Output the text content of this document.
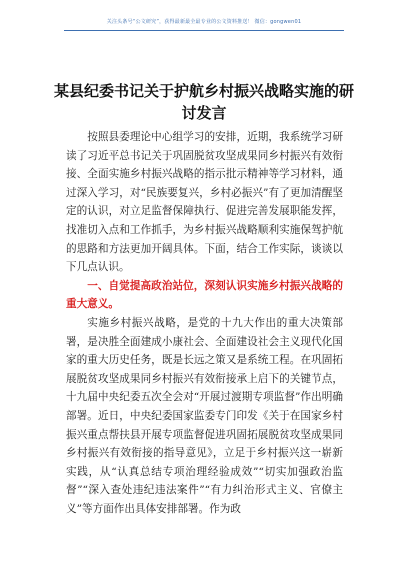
关注头条号“公文研究”，获得最新最全最专业的公文资料推送！ 微信：gongwen01
某县纪委书记关于护航乡村振兴战略实施的研讨发言

按照县委理论中心组学习的安排，近期，我系统学习研读了习近平总书记关于巩固脱贫攻坚成果同乡村振兴有效衔接、全面实施乡村振兴战略的指示批示精神等学习材料，通过深入学习，对“民族要复兴，乡村必振兴”有了更加清醒坚定的认识，对立足监督保障执行、促进完善发展职能发挥，找准切入点和工作抓手，为乡村振兴战略顺利实施保驾护航的思路和方法更加开阔具体。下面，结合工作实际，谈谈以下几点认识。

一、自觉提高政治站位，深刻认识实施乡村振兴战略的重大意义。

实施乡村振兴战略，是党的十九大作出的重大决策部署，是决胜全面建成小康社会、全面建设社会主义现代化国家的重大历史任务，既是长远之策又是系统工程。在巩固拓展脱贫攻坚成果同乡村振兴有效衔接承上启下的关键节点，十九届中央纪委五次全会对“开展过渡期专项监督”作出明确部署。近日，中央纪委国家监委专门印发《关于在国家乡村振兴重点帮扶县开展专项监督促进巩固拓展脱贫攻坚成果同乡村振兴有效衔接的指导意见》，立足于乡村振兴这一崭新实践，从“认真总结专项治理经验成效”“切实加强政治监督”“深入查处违纪违法案件”“有力纠治形式主义、官僚主义”等方面作出具体安排部署。作为政
